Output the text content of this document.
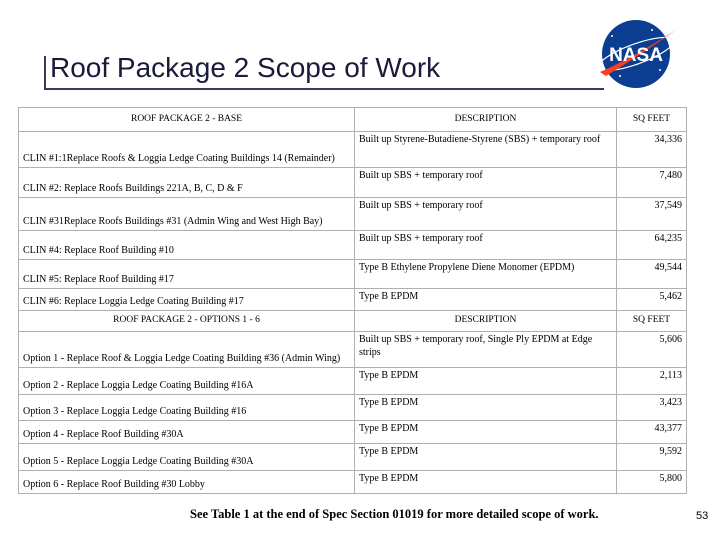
Roof Package 2 Scope of Work	NASA
ROOF PACKAGE 2 - BASE	DESCRIPTION	SQ FEET
CLIN #1:1Replace Roofs & Loggia Ledge Coating Buildings 14 (Remainder)	Built up Styrene-Butadiene-Styrene (SBS) + temporary roof	34,336
CLIN #2: Replace Roofs Buildings 221A, B, C, D & F	Built up SBS + temporary roof	7,480
CLIN #31Replace Roofs Buildings #31 (Admin Wing and West High Bay)	Built up SBS + temporary roof	37,549
CLIN #4: Replace Roof Building #10	Built up SBS + temporary roof	64,235
CLIN #5: Replace Roof Building #17	Type B Ethylene Propylene Diene Monomer (EPDM)	49,544
CLIN #6: Replace Loggia Ledge Coating Building #17	Type B EPDM	5,462
ROOF PACKAGE 2 - OPTIONS 1 - 6	DESCRIPTION	SQ FEET
Option 1 - Replace Roof & Loggia Ledge Coating Building #36 (Admin Wing)	Built up SBS + temporary roof, Single Ply EPDM at Edge strips	5,606
Option 2 - Replace Loggia Ledge Coating Building #16A	Type B EPDM	2,113
Option 3 - Replace Loggia Ledge Coating Building #16	Type B EPDM	3,423
Option 4 - Replace Roof Building #30A	Type B EPDM	43,377
Option 5 - Replace Loggia Ledge Coating Building #30A	Type B EPDM	9,592
Option 6 - Replace Roof Building #30 Lobby	Type B EPDM	5,800
See Table 1 at the end of Spec Section 01019 for more detailed scope of work.	53
